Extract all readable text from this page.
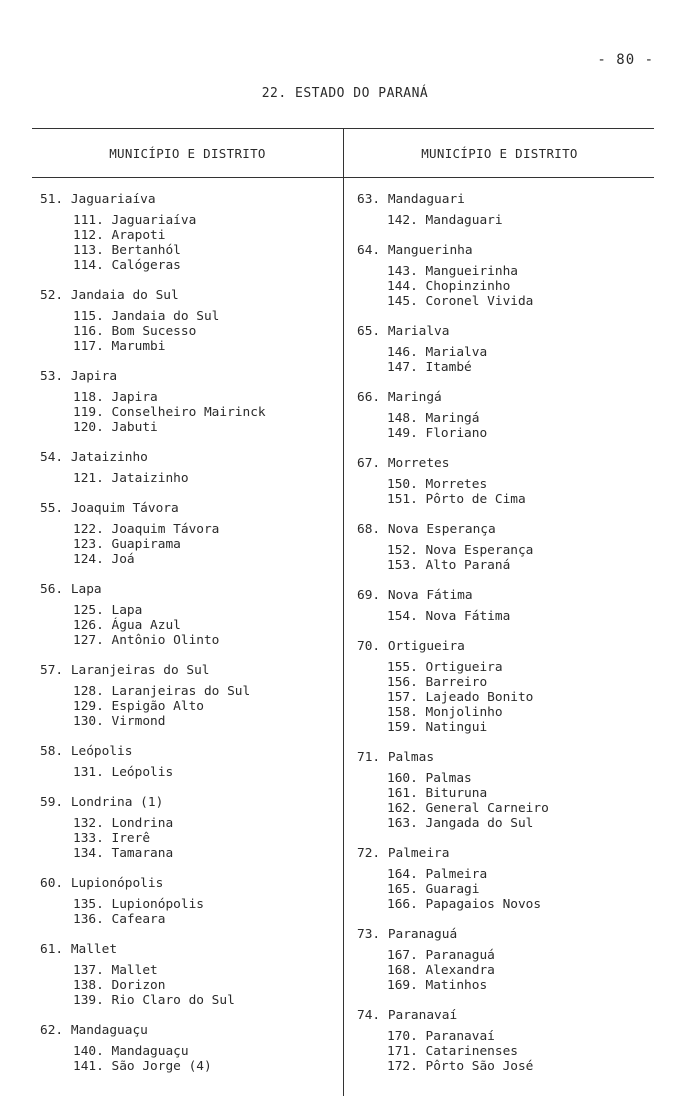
- 80 -
22. ESTADO DO PARANÁ
MUNICÍPIO E DISTRITO	MUNICÍPIO E DISTRITO
51. Jaguariaíva
111. Jaguariaíva
112. Arapoti
113. Bertanhól
114. Calógeras
52. Jandaia do Sul
115. Jandaia do Sul
116. Bom Sucesso
117. Marumbi
53. Japira
118. Japira
119. Conselheiro Mairinck
120. Jabuti
54. Jataizinho
121. Jataizinho
55. Joaquim Távora
122. Joaquim Távora
123. Guapirama
124. Joá
56. Lapa
125. Lapa
126. Água Azul
127. Antônio Olinto
57. Laranjeiras do Sul
128. Laranjeiras do Sul
129. Espigão Alto
130. Virmond
58. Leópolis
131. Leópolis
59. Londrina (1)
132. Londrina
133. Irerê
134. Tamarana
60. Lupionópolis
135. Lupionópolis
136. Cafeara
61. Mallet
137. Mallet
138. Dorizon
139. Rio Claro do Sul
62. Mandaguaçu
140. Mandaguaçu
141. São Jorge (4)
63. Mandaguari
142. Mandaguari
64. Manguerinha
143. Mangueirinha
144. Chopinzinho
145. Coronel Vivida
65. Marialva
146. Marialva
147. Itambé
66. Maringá
148. Maringá
149. Floriano
67. Morretes
150. Morretes
151. Pôrto de Cima
68. Nova Esperança
152. Nova Esperança
153. Alto Paraná
69. Nova Fátima
154. Nova Fátima
70. Ortigueira
155. Ortigueira
156. Barreiro
157. Lajeado Bonito
158. Monjolinho
159. Natingui
71. Palmas
160. Palmas
161. Bituruna
162. General Carneiro
163. Jangada do Sul
72. Palmeira
164. Palmeira
165. Guaragi
166. Papagaios Novos
73. Paranaguá
167. Paranaguá
168. Alexandra
169. Matinhos
74. Paranavaí
170. Paranavaí
171. Catarinenses
172. Pôrto São José
